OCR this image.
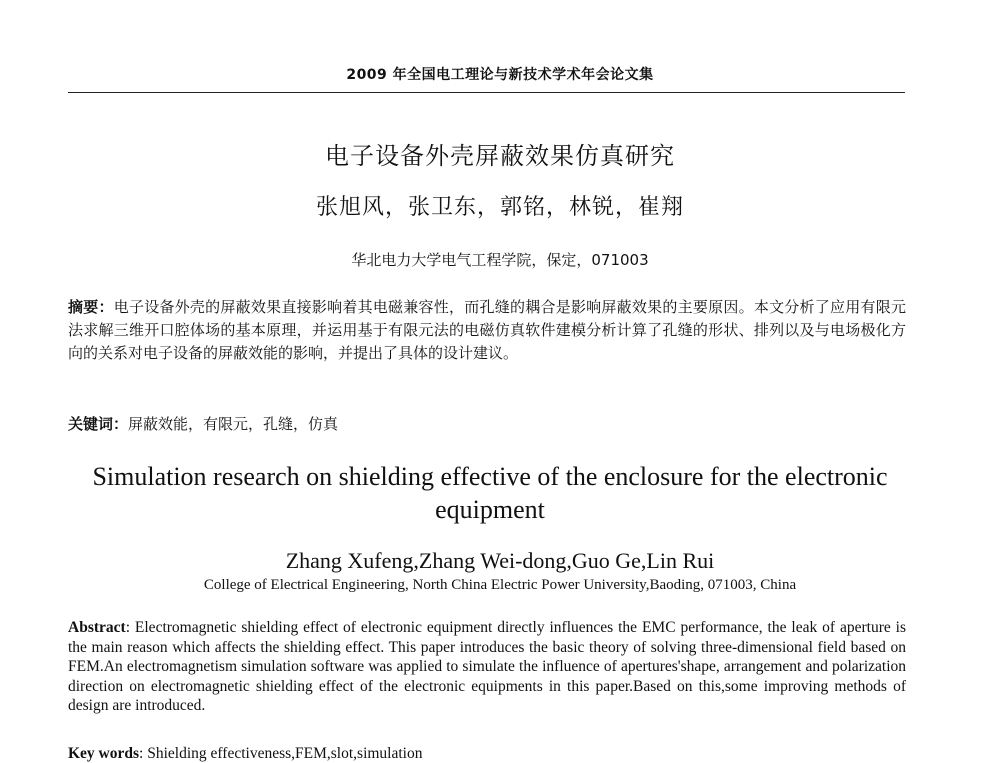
2009 年全国电工理论与新技术学术年会论文集
电子设备外壳屏蔽效果仿真研究
张旭风，张卫东，郭铭，林锐，崔翔
华北电力大学电气工程学院，保定，071003

摘要：电子设备外壳的屏蔽效果直接影响着其电磁兼容性，而孔缝的耦合是影响屏蔽效果的主要原因。本文分析了应用有限元法求解三维开口腔体场的基本原理，并运用基于有限元法的电磁仿真软件建模分析计算了孔缝的形状、排列以及与电场极化方向的关系对电子设备的屏蔽效能的影响，并提出了具体的设计建议。

关键词：屏蔽效能，有限元，孔缝，仿真

Simulation research on shielding effective of the enclosure for the electronic equipment

Zhang Xufeng,Zhang Wei-dong,Guo Ge,Lin Rui
College of Electrical Engineering, North China Electric Power University,Baoding, 071003, China

Abstract: Electromagnetic shielding effect of electronic equipment directly influences the EMC performance, the leak of aperture is the main reason which affects the shielding effect. This paper introduces the basic theory of solving three-dimensional field based on FEM.An electromagnetism simulation software was applied to simulate the influence of apertures'shape, arrangement and polarization direction on electromagnetic shielding effect of the electronic equipments in this paper.Based on this,some improving methods of design are introduced.

Key words: Shielding effectiveness,FEM,slot,simulation
